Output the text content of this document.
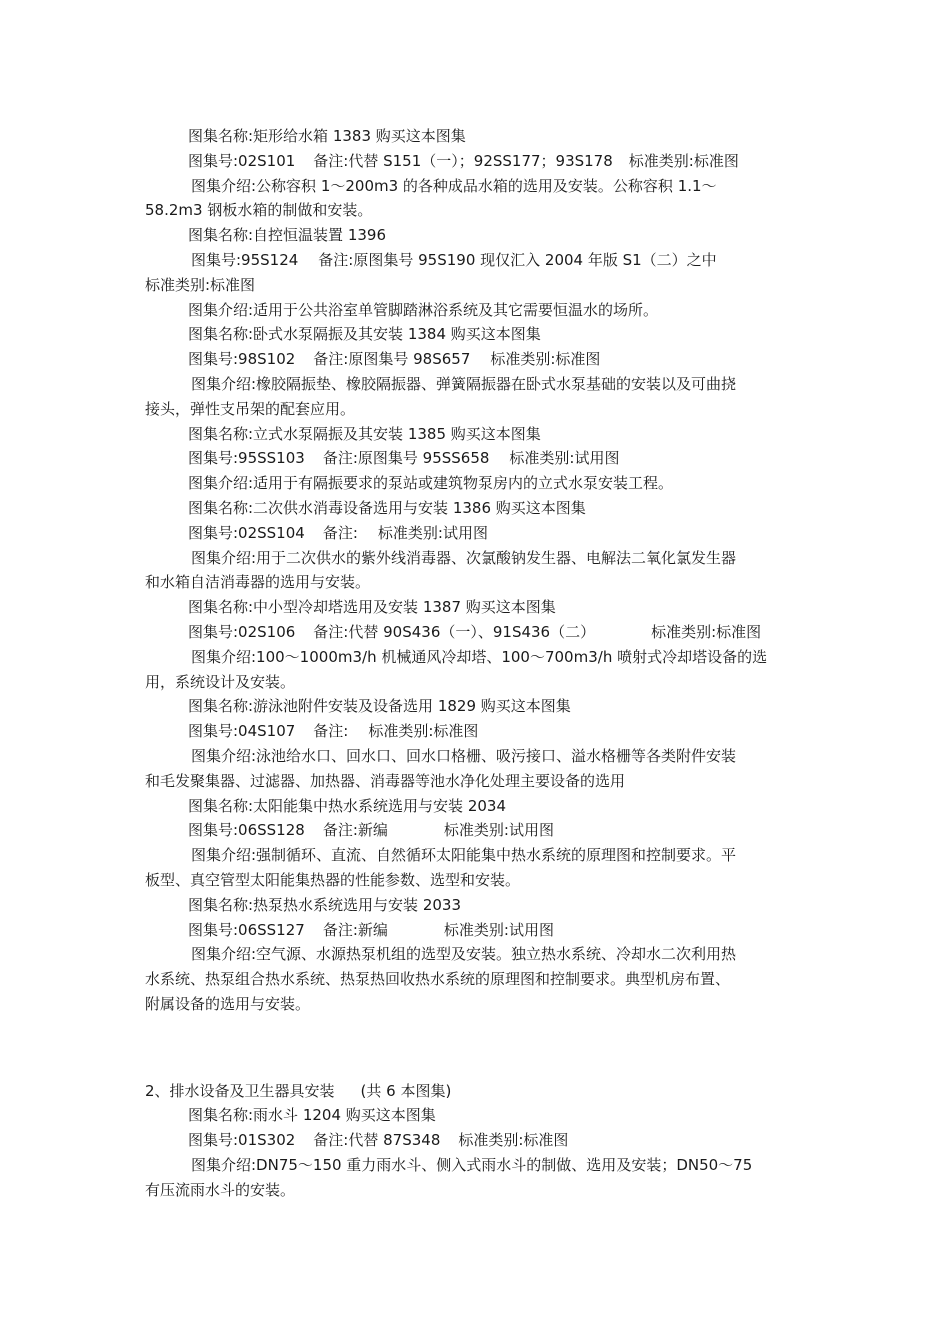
图集名称:矩形给水箱 1383 购买这本图集
图集号:02S101 备注:代替 S151（一）；92SS177；93S178 标准类别:标准图
图集介绍:公称容积 1～200m3 的各种成品水箱的选用及安装。公称容积 1.1～
58.2m3 钢板水箱的制做和安装。
图集名称:自控恒温装置 1396
图集号:95S124 备注:原图集号 95S190 现仅汇入 2004 年版 S1（二）之中
标准类别:标准图
图集介绍:适用于公共浴室单管脚踏淋浴系统及其它需要恒温水的场所。
图集名称:卧式水泵隔振及其安装 1384 购买这本图集
图集号:98S102 备注:原图集号 98S657 标准类别:标准图
图集介绍:橡胶隔振垫、橡胶隔振器、弹簧隔振器在卧式水泵基础的安装以及可曲挠
接头，弹性支吊架的配套应用。
图集名称:立式水泵隔振及其安装 1385 购买这本图集
图集号:95SS103 备注:原图集号 95SS658 标准类别:试用图
图集介绍:适用于有隔振要求的泵站或建筑物泵房内的立式水泵安装工程。
图集名称:二次供水消毒设备选用与安装 1386 购买这本图集
图集号:02SS104 备注: 标准类别:试用图
图集介绍:用于二次供水的紫外线消毒器、次氯酸钠发生器、电解法二氧化氯发生器
和水箱自洁消毒器的选用与安装。
图集名称:中小型冷却塔选用及安装 1387 购买这本图集
图集号:02S106 备注:代替 90S436（一）、91S436（二）	标准类别:标准图
图集介绍:100～1000m3/h 机械通风冷却塔、100～700m3/h 喷射式冷却塔设备的选
用，系统设计及安装。
图集名称:游泳池附件安装及设备选用 1829 购买这本图集
图集号:04S107 备注: 标准类别:标准图
图集介绍:泳池给水口、回水口、回水口格栅、吸污接口、溢水格栅等各类附件安装
和毛发聚集器、过滤器、加热器、消毒器等池水净化处理主要设备的选用
图集名称:太阳能集中热水系统选用与安装 2034
图集号:06SS128 备注:新编	标准类别:试用图
图集介绍:强制循环、直流、自然循环太阳能集中热水系统的原理图和控制要求。平
板型、真空管型太阳能集热器的性能参数、选型和安装。
图集名称:热泵热水系统选用与安装 2033
图集号:06SS127 备注:新编	标准类别:试用图
图集介绍:空气源、水源热泵机组的选型及安装。独立热水系统、冷却水二次利用热
水系统、热泵组合热水系统、热泵热回收热水系统的原理图和控制要求。典型机房布置、
附属设备的选用与安装。
2、排水设备及卫生器具安装 (共 6 本图集)
图集名称:雨水斗 1204 购买这本图集
图集号:01S302 备注:代替 87S348 标准类别:标准图
图集介绍:DN75～150 重力雨水斗、侧入式雨水斗的制做、选用及安装；DN50～75
有压流雨水斗的安装。
